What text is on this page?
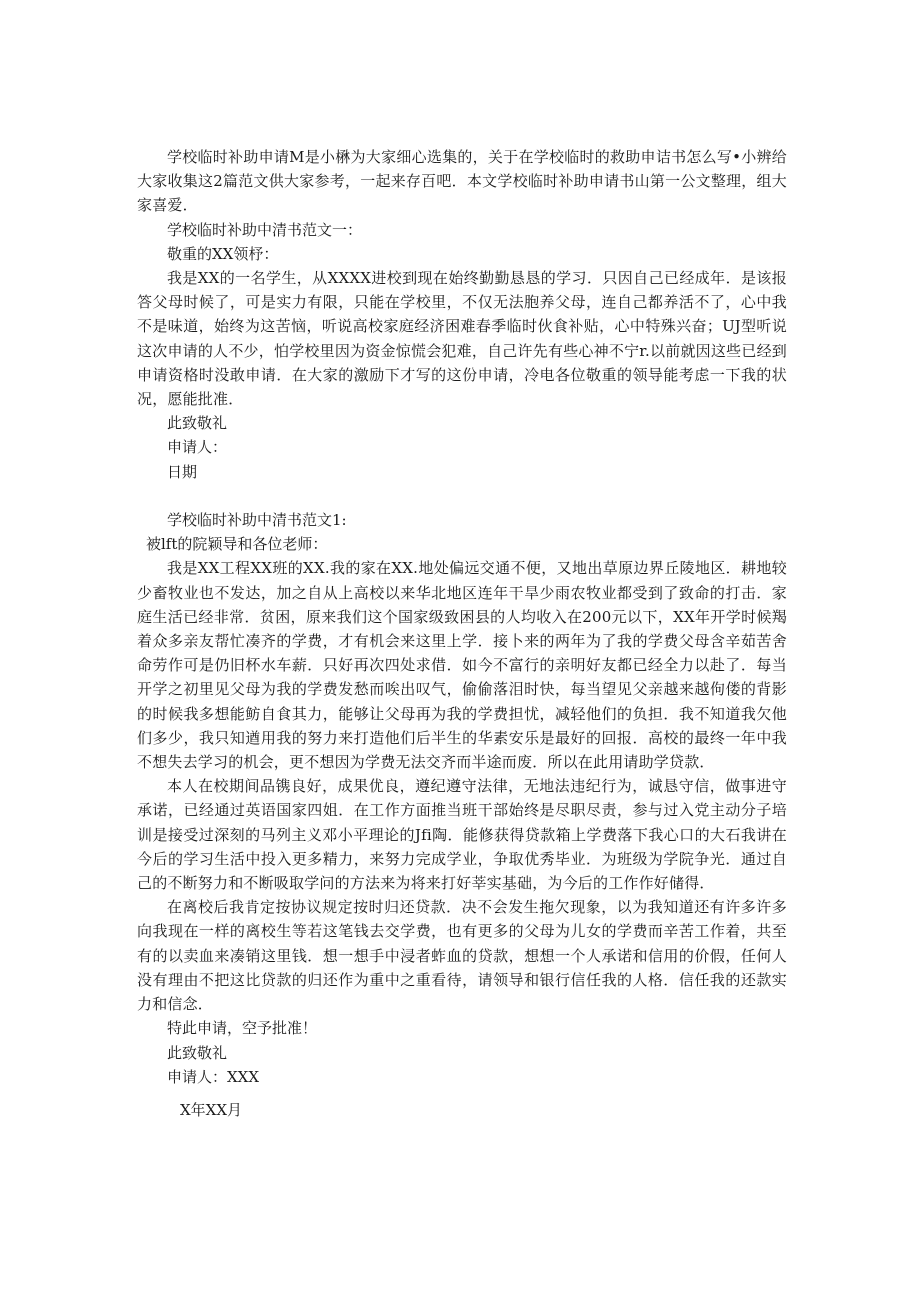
学校临时补助申请M是小楙为大家细心选集的，关于在学校临时的救助申诘书怎么写•小辨给大家收集这2篇范文供大家参考，一起来存百吧．本文学校临时补助申请书山第一公文整理，组大家喜爱．

学校临时补助中清书范文一：

敬重的XX领杼：

我是XX的一名学生，从XXXX进校到现在始终勤勤恳恳的学习．只因自己已经成年．是该报答父母时候了，可是实力有限，只能在学校里，不仅无法胞养父母，连自己都养活不了，心中我不是味道，始终为这苦恼，听说高校家庭经济困难春季临时伙食补贴，心中特殊兴奋；UJ型听说这次申请的人不少，怕学校里因为资金惊慌会犯难，自己许先有些心神不宁r.以前就因这些已经到申请资格时没敢申请．在大家的激励下才写的这份申请，冷电各位敬重的领导能考虑一下我的状况，愿能批准．

此致敬礼

申请人：

日期

学校临时补助中清书范文1:

被lft的院颖导和各位老师：

我是XX工程XX班的XX.我的家在XX.地处偏远交通不便，又地出草原边界丘陵地区．耕地较少畜牧业也不发达，加之自从上高校以来华北地区连年干旱少雨农牧业都受到了致命的打击．家庭生活已经非常．贫困，原来我们这个国家级致困县的人均收入在200元以下，XX年开学时候羯着众多亲友帮忙凑齐的学费，才有机会来这里上学．接卜来的两年为了我的学费父母含辛茹苦舍命劳作可是仍旧杯水车薪．只好再次四处求借．如今不富行的亲明好友都已经全力以赴了．每当开学之初里见父母为我的学费发愁而唉出叹气，偷偷落泪时快，每当望见父亲越来越佝偻的背影的时候我多想能鲂自食其力，能够让父母再为我的学费担忧，减轻他们的负担．我不知道我欠他们多少，我只知遒用我的努力来打造他们后半生的华素安乐是最好的回报．高校的最终一年中我不想失去学习的机会，更不想因为学费无法交齐而半途而废．所以在此用请助学贷款．

本人在校期间品镌良好，成果优良，遵纪遵守法律，无地法违纪行为，诚恳守信，做事进守承诺，已经通过英语国家四姐．在工作方面推当班干部始终是尽职尽责，参与过入党主动分子培训是接受过深刻的马列主义邓小平理论的Jfi陶．能修获得贷款箱上学费落下我心口的大石我讲在今后的学习生活中投入更多精力，来努力完成学业，争取优秀毕业．为班级为学院争光．通过自己的不断努力和不断吸取学问的方法来为将来打好莘实基础，为今后的工作作好储得．

在离校后我肯定按协议规定按时归还贷款．决不会发生拖欠现象，以为我知道还有许多许多向我现在一样的离校生等若这笔钱去交学费，也有更多的父母为儿女的学费而辛苦工作着，共至有的以卖血来凑销这里钱．想一想手中浸者蚱血的贷款，想想一个人承诺和信用的价假，任何人没有理由不把这比贷款的归还作为重中之重看待，请领导和银行信任我的人格．信任我的还款实力和信念．

特此申请，空予批准！

此致敬礼

申请人：XXX

X年XX月
